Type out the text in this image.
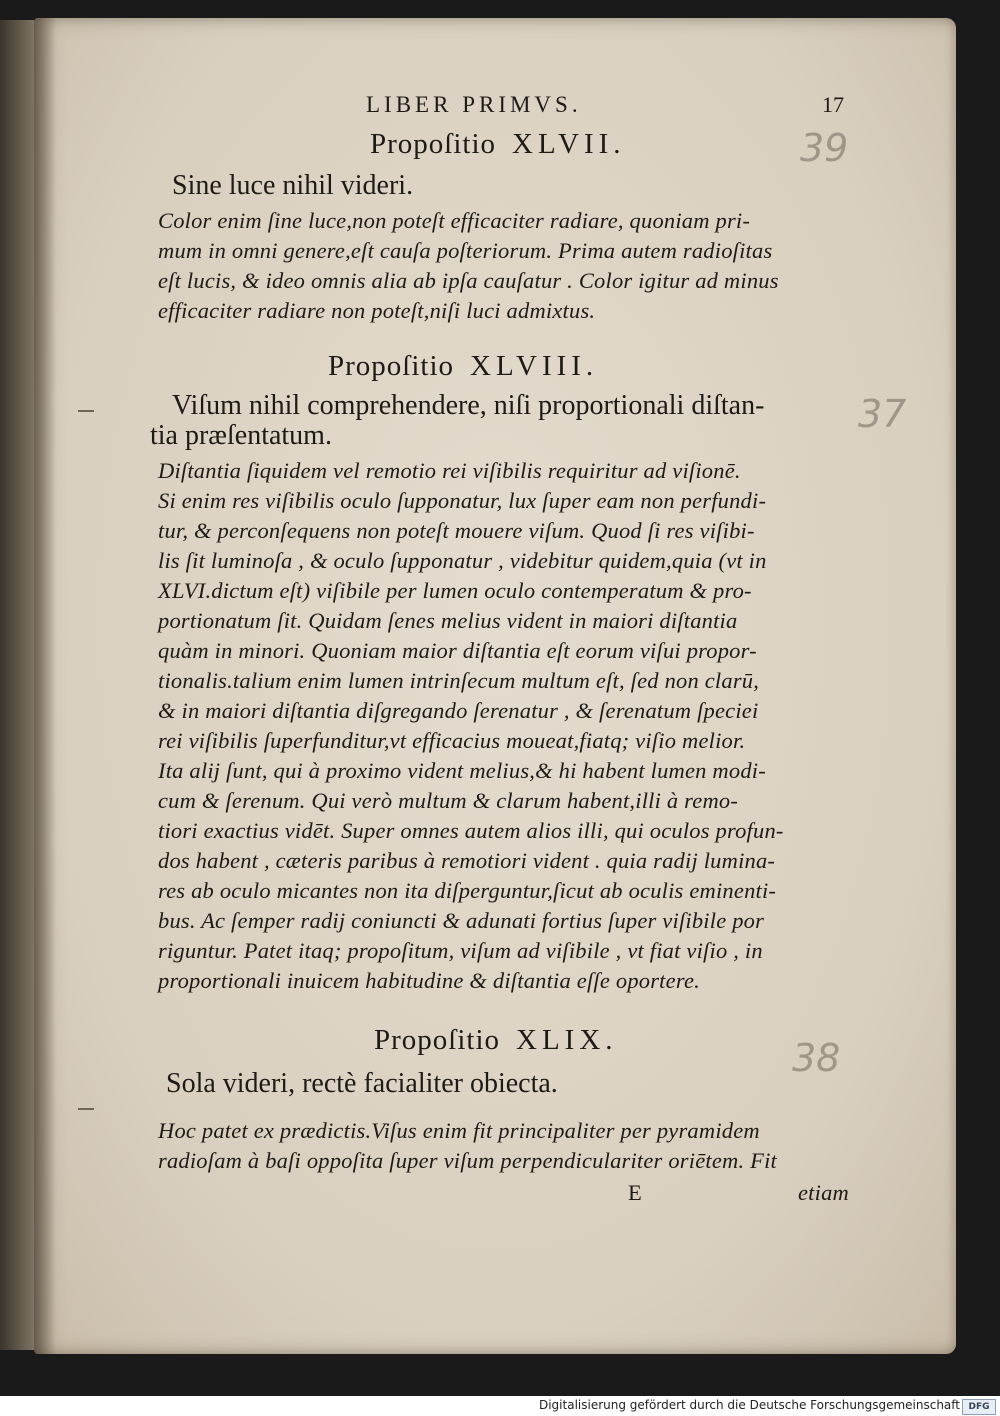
LIBER PRIMVS.	17
Propoſitio XLVII.
Sine luce nihil videri.
Color enim ſine luce,non poteſt efficaciter radiare, quoniam pri-
mum in omni genere,eſt cauſa poſteriorum. Prima autem radioſitas
eſt lucis, & ideo omnis alia ab ipſa cauſatur . Color igitur ad minus
efficaciter radiare non poteſt,niſi luci admixtus.
Propoſitio XLVIII.
Viſum nihil comprehendere, niſi proportionali diſtan-
tia præſentatum.
Diſtantia ſiquidem vel remotio rei viſibilis requiritur ad viſionē.
Si enim res viſibilis oculo ſupponatur, lux ſuper eam non perfundi-
tur, & perconſequens non poteſt mouere viſum. Quod ſi res viſibi-
lis ſit luminoſa , & oculo ſupponatur , videbitur quidem,quia (vt in
XLVI.dictum eſt) viſibile per lumen oculo contemperatum & pro-
portionatum ſit. Quidam ſenes melius vident in maiori diſtantia
quàm in minori. Quoniam maior diſtantia eſt eorum viſui propor-
tionalis.talium enim lumen intrinſecum multum eſt, ſed non clarū,
& in maiori diſtantia diſgregando ſerenatur , & ſerenatum ſpeciei
rei viſibilis ſuperfunditur,vt efficacius moueat,fiatq; viſio melior.
Ita alij ſunt, qui à proximo vident melius,& hi habent lumen modi-
cum & ſerenum. Qui verò multum & clarum habent,illi à remo-
tiori exactius vidēt. Super omnes autem alios illi, qui oculos profun-
dos habent , cæteris paribus à remotiori vident . quia radij lumina-
res ab oculo micantes non ita diſperguntur,ſicut ab oculis eminenti-
bus. Ac ſemper radij coniuncti & adunati fortius ſuper viſibile por
riguntur. Patet itaq; propoſitum, viſum ad viſibile , vt fiat viſio , in
proportionali inuicem habitudine & diſtantia eſſe oportere.
Propoſitio XLIX.
Sola videri, rectè facialiter obiecta.
Hoc patet ex prædictis.Viſus enim fit principaliter per pyramidem
radioſam à baſi oppoſita ſuper viſum perpendiculariter oriētem. Fit
E	etiam
39
37
38
Digitalisierung gefördert durch die Deutsche Forschungsgemeinschaft DFG
